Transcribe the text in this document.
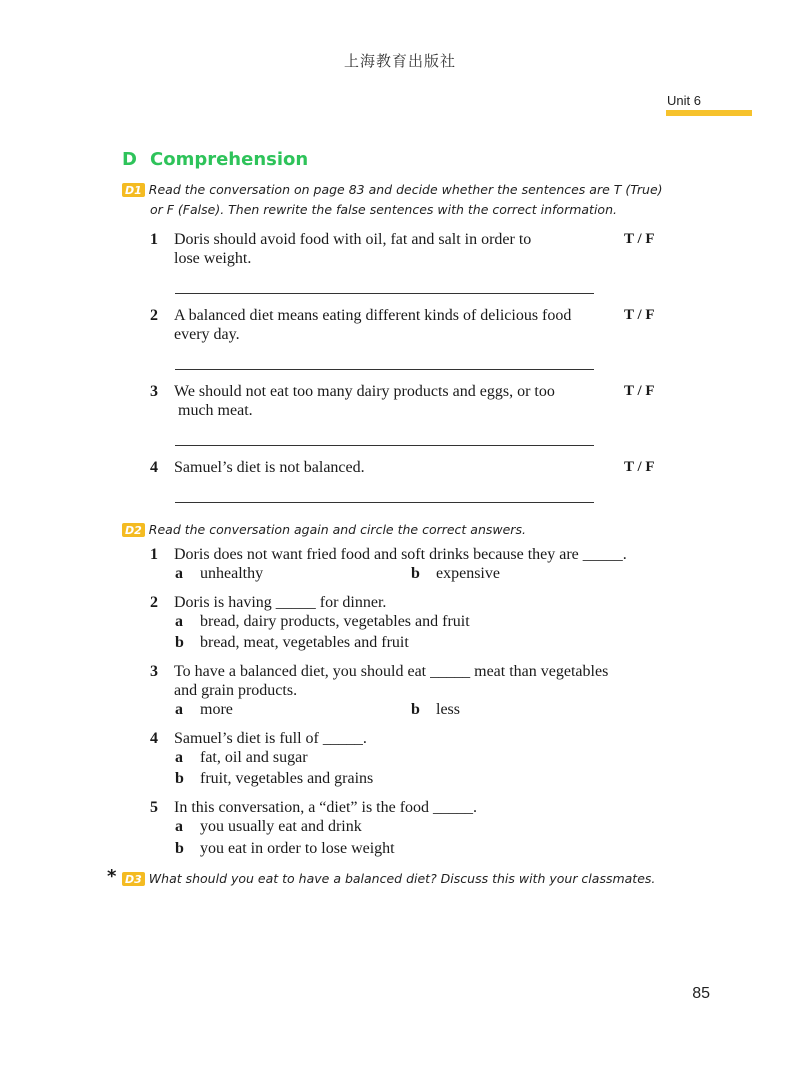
上海教育出版社
Unit 6
D Comprehension
D1 Read the conversation on page 83 and decide whether the sentences are T (True)
or F (False). Then rewrite the false sentences with the correct information.
1 Doris should avoid food with oil, fat and salt in order to
lose weight.
T / F
2 A balanced diet means eating different kinds of delicious food
every day.
T / F
3 We should not eat too many dairy products and eggs, or too
much meat.
T / F
4 Samuel’s diet is not balanced.	T / F
D2 Read the conversation again and circle the correct answers.
1 Doris does not want fried food and soft drinks because they are _____.
a unhealthy	b expensive
2 Doris is having _____ for dinner.
a bread, dairy products, vegetables and fruit
b bread, meat, vegetables and fruit
3 To have a balanced diet, you should eat _____ meat than vegetables
and grain products.
a more	b less
4 Samuel’s diet is full of _____.
a fat, oil and sugar
b fruit, vegetables and grains
5 In this conversation, a “diet” is the food _____.
a you usually eat and drink
b you eat in order to lose weight
* D3 What should you eat to have a balanced diet? Discuss this with your classmates.
85
